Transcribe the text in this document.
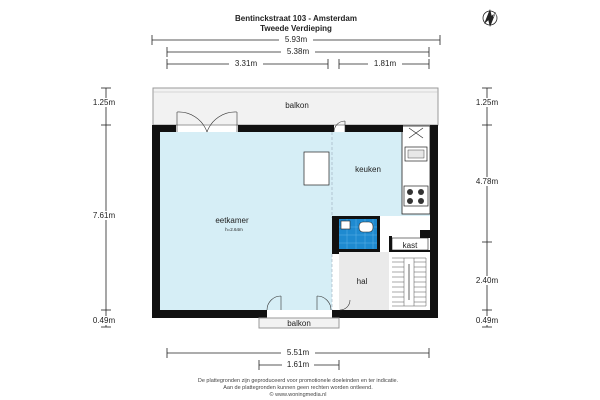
Bentinckstraat 103 - Amsterdam
Tweede Verdieping
N
5.93m
5.38m
3.31m	1.81m
1.25m
7.61m
0.49m
1.25m
4.78m
2.40m
0.49m
5.51m
1.61m
balkon
kast
balkon
keuken
eetkamer
h=2.64m
hal
De plattegronden zijn geproduceerd voor promotionele doeleinden en ter indicatie.
Aan de plattegronden kunnen geen rechten worden ontleend.
© www.woningmedia.nl
